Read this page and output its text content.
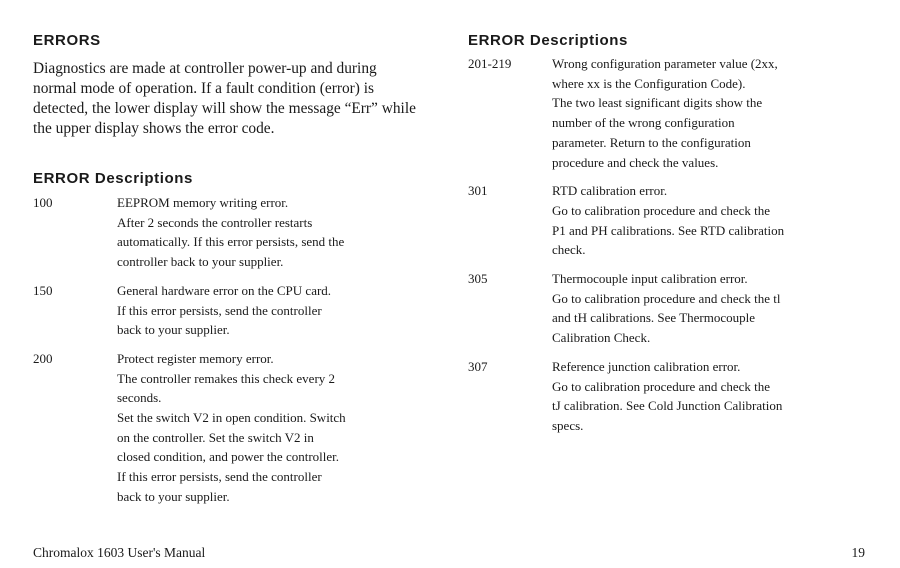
ERRORS

Diagnostics are made at controller power-up and during normal mode of operation. If a fault condition (error) is detected, the lower display will show the message “Err” while the upper display shows the error code.

ERROR Descriptions
100	EEPROM memory writing error.
After 2 seconds the controller restarts
automatically. If this error persists, send the
controller back to your supplier.
150	General hardware error on the CPU card.
If this error persists, send the controller
back to your supplier.
200	Protect register memory error.
The controller remakes this check every 2
seconds.
Set the switch V2 in open condition. Switch
on the controller. Set the switch V2 in
closed condition, and power the controller.
If this error persists, send the controller
back to your supplier.
ERROR Descriptions
201-219	Wrong configuration parameter value (2xx,
where xx is the Configuration Code).
The two least significant digits show the
number of the wrong configuration
parameter. Return to the configuration
procedure and check the values.
301	RTD calibration error.
Go to calibration procedure and check the
P1 and PH calibrations. See RTD calibration
check.
305	Thermocouple input calibration error.
Go to calibration procedure and check the tl
and tH calibrations. See Thermocouple
Calibration Check.
307	Reference junction calibration error.
Go to calibration procedure and check the
tJ calibration. See Cold Junction Calibration
specs.
Chromalox 1603 User's Manual	19
